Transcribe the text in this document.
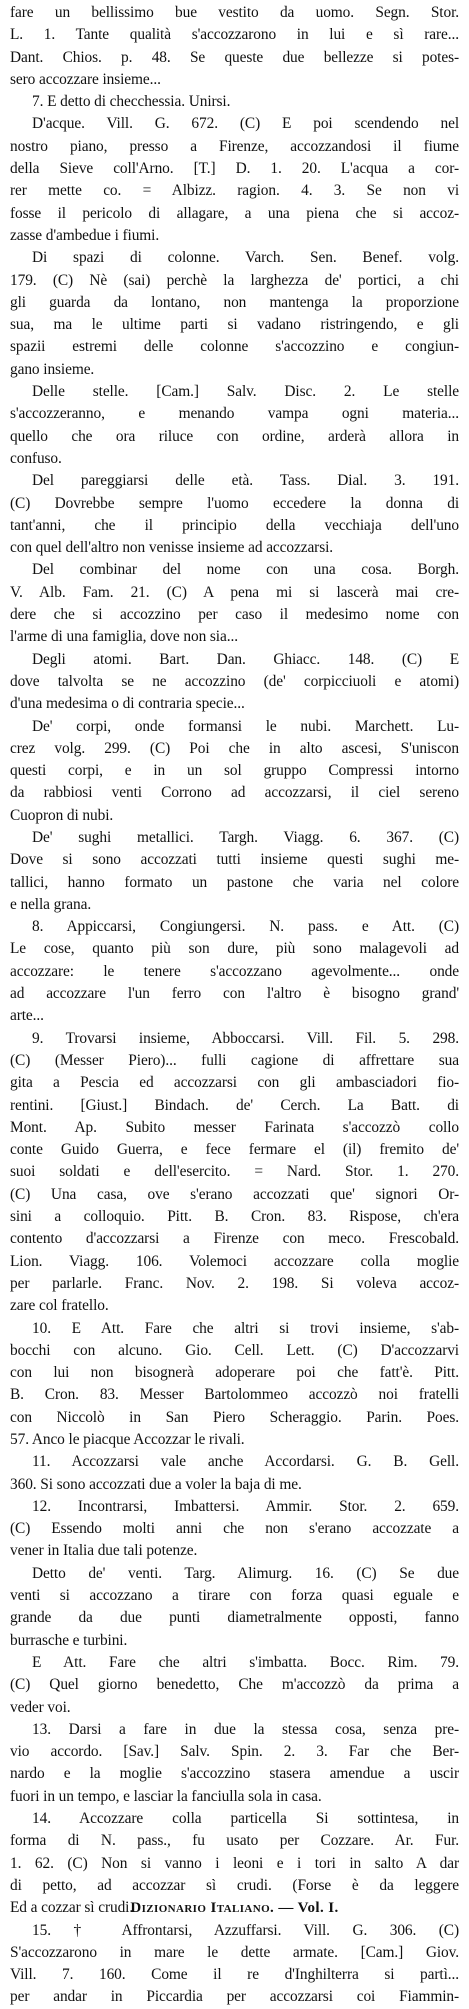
fare un bellissimo bue vestito da uomo. Segn. Stor.
L. 1. Tante qualità s'accozzarono in lui e sì rare...
Dant. Chios. p. 48. Se queste due bellezze si potes-
sero accozzare insieme...
7. E detto di checchessia. Unirsi.
D'acque. Vill. G. 672. (C) E poi scendendo nel
nostro piano, presso a Firenze, accozzandosi il fiume
della Sieve coll'Arno. [T.] D. 1. 20. L'acqua a cor-
rer mette co. = Albizz. ragion. 4. 3. Se non vi
fosse il pericolo di allagare, a una piena che si accoz-
zasse d'ambedue i fiumi.
Di spazi di colonne. Varch. Sen. Benef. volg.
179. (C) Nè (sai) perchè la larghezza de' portici, a chi
gli guarda da lontano, non mantenga la proporzione
sua, ma le ultime parti si vadano ristringendo, e gli
spazii estremi delle colonne s'accozzino e congiun-
gano insieme.
Delle stelle. [Cam.] Salv. Disc. 2. Le stelle
s'accozzeranno, e menando vampa ogni materia...
quello che ora riluce con ordine, arderà allora in
confuso.
Del pareggiarsi delle età. Tass. Dial. 3. 191.
(C) Dovrebbe sempre l'uomo eccedere la donna di
tant'anni, che il principio della vecchiaja dell'uno
con quel dell'altro non venisse insieme ad accozzarsi.
Del combinar del nome con una cosa. Borgh.
V. Alb. Fam. 21. (C) A pena mi si lascerà mai cre-
dere che si accozzino per caso il medesimo nome con
l'arme di una famiglia, dove non sia...
Degli atomi. Bart. Dan. Ghiacc. 148. (C) E
dove talvolta se ne accozzino (de' corpicciuoli e atomi)
d'una medesima o di contraria specie...
De' corpi, onde formansi le nubi. Marchett. Lu-
crez volg. 299. (C) Poi che in alto ascesi, S'uniscon
questi corpi, e in un sol gruppo Compressi intorno
da rabbiosi venti Corrono ad accozzarsi, il ciel sereno
Cuopron di nubi.
De' sughi metallici. Targh. Viagg. 6. 367. (C)
Dove si sono accozzati tutti insieme questi sughi me-
tallici, hanno formato un pastone che varia nel colore
e nella grana.
8. Appiccarsi, Congiungersi. N. pass. e Att. (C)
Le cose, quanto più son dure, più sono malagevoli ad
accozzare: le tenere s'accozzano agevolmente... onde
ad accozzare l'un ferro con l'altro è bisogno grand'
arte...
9. Trovarsi insieme, Abboccarsi. Vill. Fil. 5. 298.
(C) (Messer Piero)... fulli cagione di affrettare sua
gita a Pescia ed accozzarsi con gli ambasciadori fio-
rentini. [Giust.] Bindach. de' Cerch. La Batt. di
Mont. Ap. Subito messer Farinata s'accozzò collo
conte Guido Guerra, e fece fermare el (il) fremito de'
suoi soldati e dell'esercito. = Nard. Stor. 1. 270.
(C) Una casa, ove s'erano accozzati que' signori Or-
sini a colloquio. Pitt. B. Cron. 83. Rispose, ch'era
contento d'accozzarsi a Firenze con meco. Frescobald.
Lion. Viagg. 106. Volemoci accozzare colla moglie
per parlarle. Franc. Nov. 2. 198. Si voleva accoz-
zare col fratello.
10. E Att. Fare che altri si trovi insieme, s'ab-
bocchi con alcuno. Gio. Cell. Lett. (C) D'accozzarvi
con lui non bisognerà adoperare poi che fatt'è. Pitt.
B. Cron. 83. Messer Bartolommeo accozzò noi fratelli
con Niccolò in San Piero Scheraggio. Parin. Poes.
57. Anco le piacque Accozzar le rivali.
11. Accozzarsi vale anche Accordarsi. G. B. Gell.
360. Si sono accozzati due a voler la baja di me.
12. Incontrarsi, Imbattersi. Ammir. Stor. 2. 659.
(C) Essendo molti anni che non s'erano accozzate a
vener in Italia due tali potenze.
Detto de' venti. Targ. Alimurg. 16. (C) Se due
venti si accozzano a tirare con forza quasi eguale e
grande da due punti diametralmente opposti, fanno
burrasche e turbini.
E Att. Fare che altri s'imbatta. Bocc. Rim. 79.
(C) Quel giorno benedetto, Che m'accozzò da prima a
veder voi.
13. Darsi a fare in due la stessa cosa, senza pre-
vio accordo. [Sav.] Salv. Spin. 2. 3. Far che Ber-
nardo e la moglie s'accozzino stasera amendue a uscir
fuori in un tempo, e lasciar la fanciulla sola in casa.
14. Accozzare colla particella Si sottintesa, in
forma di N. pass., fu usato per Cozzare. Ar. Fur.
1. 62. (C) Non si vanno i leoni e i tori in salto A dar
di petto, ad accozzar sì crudi. (Forse è da leggere
Ed a cozzar sì crudi.
15. † Affrontarsi, Azzuffarsi. Vill. G. 306. (C)
S'accozzarono in mare le dette armate. [Cam.] Giov.
Vill. 7. 160. Come il re d'Inghilterra si partì...
per andar in Piccardia per accozzarsi coi Fiammin-
Dizionario Italiano. — Vol. I.
